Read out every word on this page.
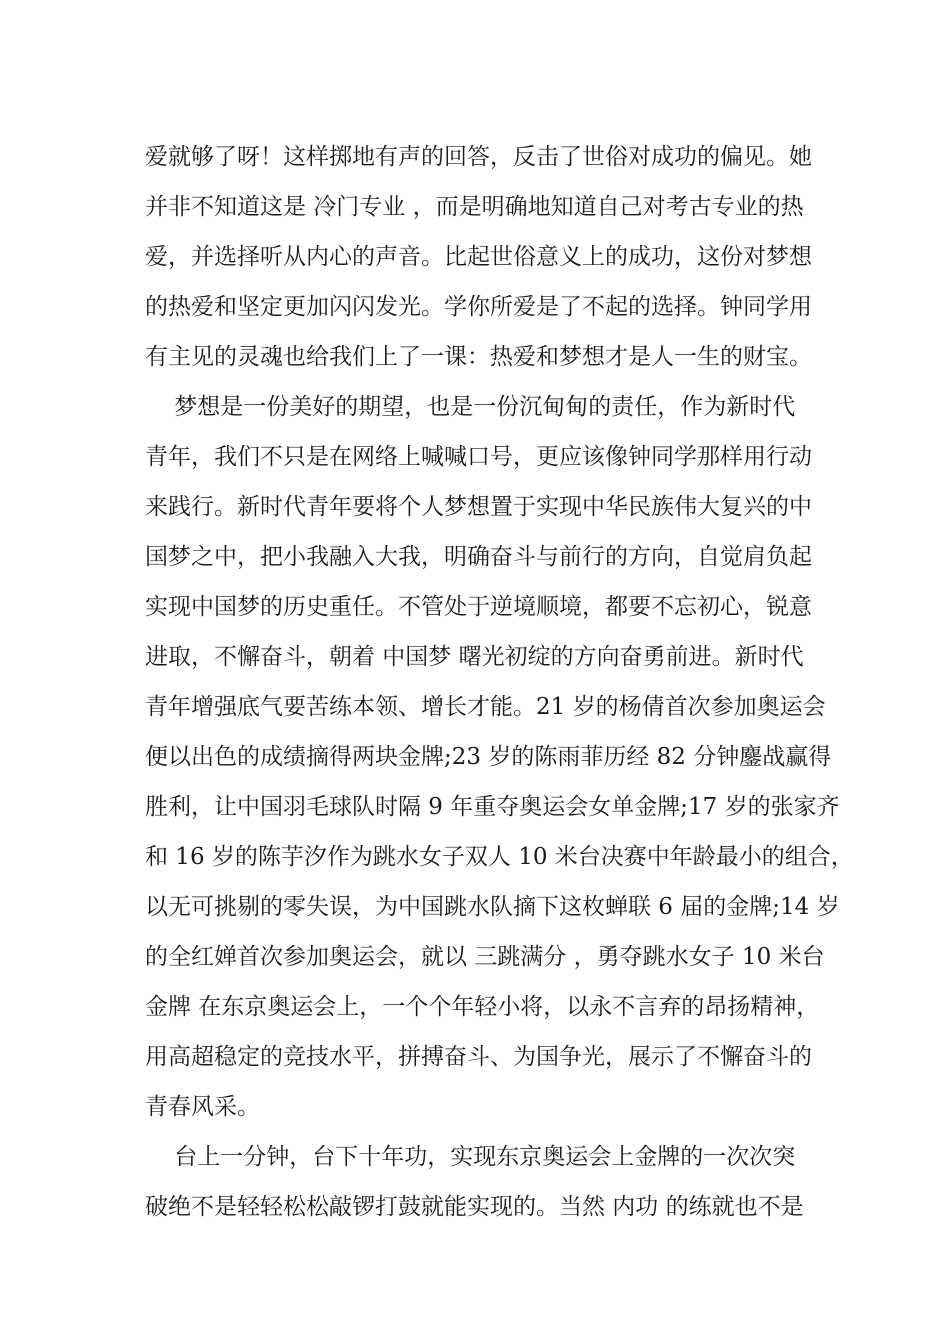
爱就够了呀！这样掷地有声的回答，反击了世俗对成功的偏见。她
并非不知道这是 冷门专业 ，而是明确地知道自己对考古专业的热
爱，并选择听从内心的声音。比起世俗意义上的成功，这份对梦想
的热爱和坚定更加闪闪发光。学你所爱是了不起的选择。钟同学用
有主见的灵魂也给我们上了一课：热爱和梦想才是人一生的财宝。
梦想是一份美好的期望，也是一份沉甸甸的责任，作为新时代
青年，我们不只是在网络上喊喊口号，更应该像钟同学那样用行动
来践行。新时代青年要将个人梦想置于实现中华民族伟大复兴的中
国梦之中，把小我融入大我，明确奋斗与前行的方向，自觉肩负起
实现中国梦的历史重任。不管处于逆境顺境，都要不忘初心，锐意
进取，不懈奋斗，朝着 中国梦 曙光初绽的方向奋勇前进。新时代
青年增强底气要苦练本领、增长才能。21 岁的杨倩首次参加奥运会
便以出色的成绩摘得两块金牌;23 岁的陈雨菲历经 82 分钟鏖战赢得
胜利，让中国羽毛球队时隔 9 年重夺奥运会女单金牌;17 岁的张家齐
和 16 岁的陈芋汐作为跳水女子双人 10 米台决赛中年龄最小的组合，
以无可挑剔的零失误，为中国跳水队摘下这枚蝉联 6 届的金牌;14 岁
的全红婵首次参加奥运会，就以 三跳满分 ，勇夺跳水女子 10 米台
金牌 在东京奥运会上，一个个年轻小将，以永不言弃的昂扬精神，
用高超稳定的竞技水平，拼搏奋斗、为国争光，展示了不懈奋斗的
青春风采。
台上一分钟，台下十年功，实现东京奥运会上金牌的一次次突
破绝不是轻轻松松敲锣打鼓就能实现的。当然 内功 的练就也不是
